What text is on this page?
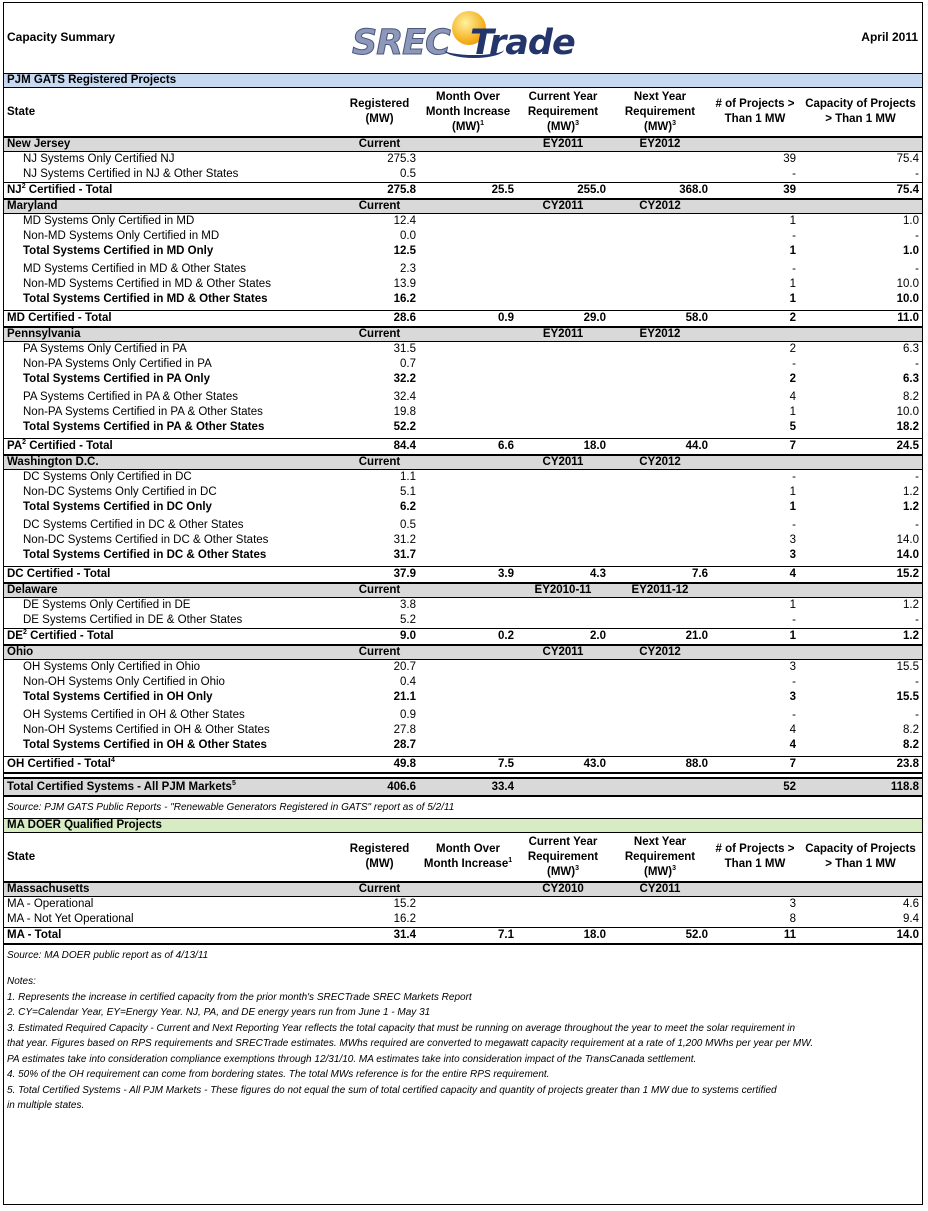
Capacity Summary	SREC Trade	April 2011
PJM GATS Registered Projects
State	Registered (MW)	Month Over Month Increase (MW)$^1$	Current Year Requirement (MW)$^3$	Next Year Requirement (MW)$^3$	# of Projects > Than 1 MW	Capacity of Projects > Than 1 MW
New Jersey	Current		EY2011	EY2012		
NJ Systems Only Certified NJ	275.3				39	75.4
NJ Systems Certified in NJ & Other States	0.5				-	-
$NJ^2$ Certified - Total	275.8	25.5	255.0	368.0	39	75.4
Maryland	Current		CY2011	CY2012		
MD Systems Only Certified in MD	12.4				1	1.0
Non-MD Systems Only Certified in MD	0.0				-	-
Total Systems Certified in MD Only	12.5				1	1.0

MD Systems Certified in MD & Other States	2.3				-	-
Non-MD Systems Certified in MD & Other States	13.9				1	10.0
Total Systems Certified in MD & Other States	16.2				1	10.0

MD Certified - Total	28.6	0.9	29.0	58.0	2	11.0
Pennsylvania	Current		EY2011	EY2012		
PA Systems Only Certified in PA	31.5				2	6.3
Non-PA Systems Only Certified in PA	0.7				-	-
Total Systems Certified in PA Only	32.2				2	6.3

PA Systems Certified in PA & Other States	32.4				4	8.2
Non-PA Systems Certified in PA & Other States	19.8				1	10.0
Total Systems Certified in PA & Other States	52.2				5	18.2

$PA^2$ Certified - Total	84.4	6.6	18.0	44.0	7	24.5
Washington D.C.	Current		CY2011	CY2012		
DC Systems Only Certified in DC	1.1				-	-
Non-DC Systems Only Certified in DC	5.1				1	1.2
Total Systems Certified in DC Only	6.2				1	1.2

DC Systems Certified in DC & Other States	0.5				-	-
Non-DC Systems Certified in DC & Other States	31.2				3	14.0
Total Systems Certified in DC & Other States	31.7				3	14.0

DC Certified - Total	37.9	3.9	4.3	7.6	4	15.2
Delaware	Current		EY2010-11	EY2011-12		
DE Systems Only Certified in DE	3.8				1	1.2
DE Systems Certified in DE & Other States	5.2				-	-
$DE^2$ Certified - Total	9.0	0.2	2.0	21.0	1	1.2
Ohio	Current		CY2011	CY2012		
OH Systems Only Certified in Ohio	20.7				3	15.5
Non-OH Systems Only Certified in Ohio	0.4				-	-
Total Systems Certified in OH Only	21.1				3	15.5

OH Systems Certified in OH & Other States	0.9				-	-
Non-OH Systems Certified in OH & Other States	27.8				4	8.2
Total Systems Certified in OH & Other States	28.7				4	8.2

OH Certified - Total$^4$	49.8	7.5	43.0	88.0	7	23.8

Total Certified Systems - All PJM Markets$^5$	406.6	33.4			52	118.8
Source: PJM GATS Public Reports - "Renewable Generators Registered in GATS" report as of 5/2/11
MA DOER Qualified Projects
State	Registered (MW)	Month Over Month Increase$^1$	Current Year Requirement (MW)$^3$	Next Year Requirement (MW)$^3$	# of Projects > Than 1 MW	Capacity of Projects > Than 1 MW
Massachusetts	Current		CY2010	CY2011		
MA - Operational	15.2				3	4.6
MA - Not Yet Operational	16.2				8	9.4
MA - Total	31.4	7.1	18.0	52.0	11	14.0
Source: MA DOER public report as of 4/13/11
Notes:
1. Represents the increase in certified capacity from the prior month's SRECTrade SREC Markets Report
2. CY=Calendar Year, EY=Energy Year. NJ, PA, and DE energy years run from June 1 - May 31
3. Estimated Required Capacity - Current and Next Reporting Year reflects the total capacity that must be running on average throughout the year to meet the solar requirement in
that year. Figures based on RPS requirements and SRECTrade estimates. MWhs required are converted to megawatt capacity requirement at a rate of 1,200 MWhs per year per MW.
PA estimates take into consideration compliance exemptions through 12/31/10. MA estimates take into consideration impact of the TransCanada settlement.
4. 50% of the OH requirement can come from bordering states. The total MWs reference is for the entire RPS requirement.
5. Total Certified Systems - All PJM Markets - These figures do not equal the sum of total certified capacity and quantity of projects greater than 1 MW due to systems certified
in multiple states.
